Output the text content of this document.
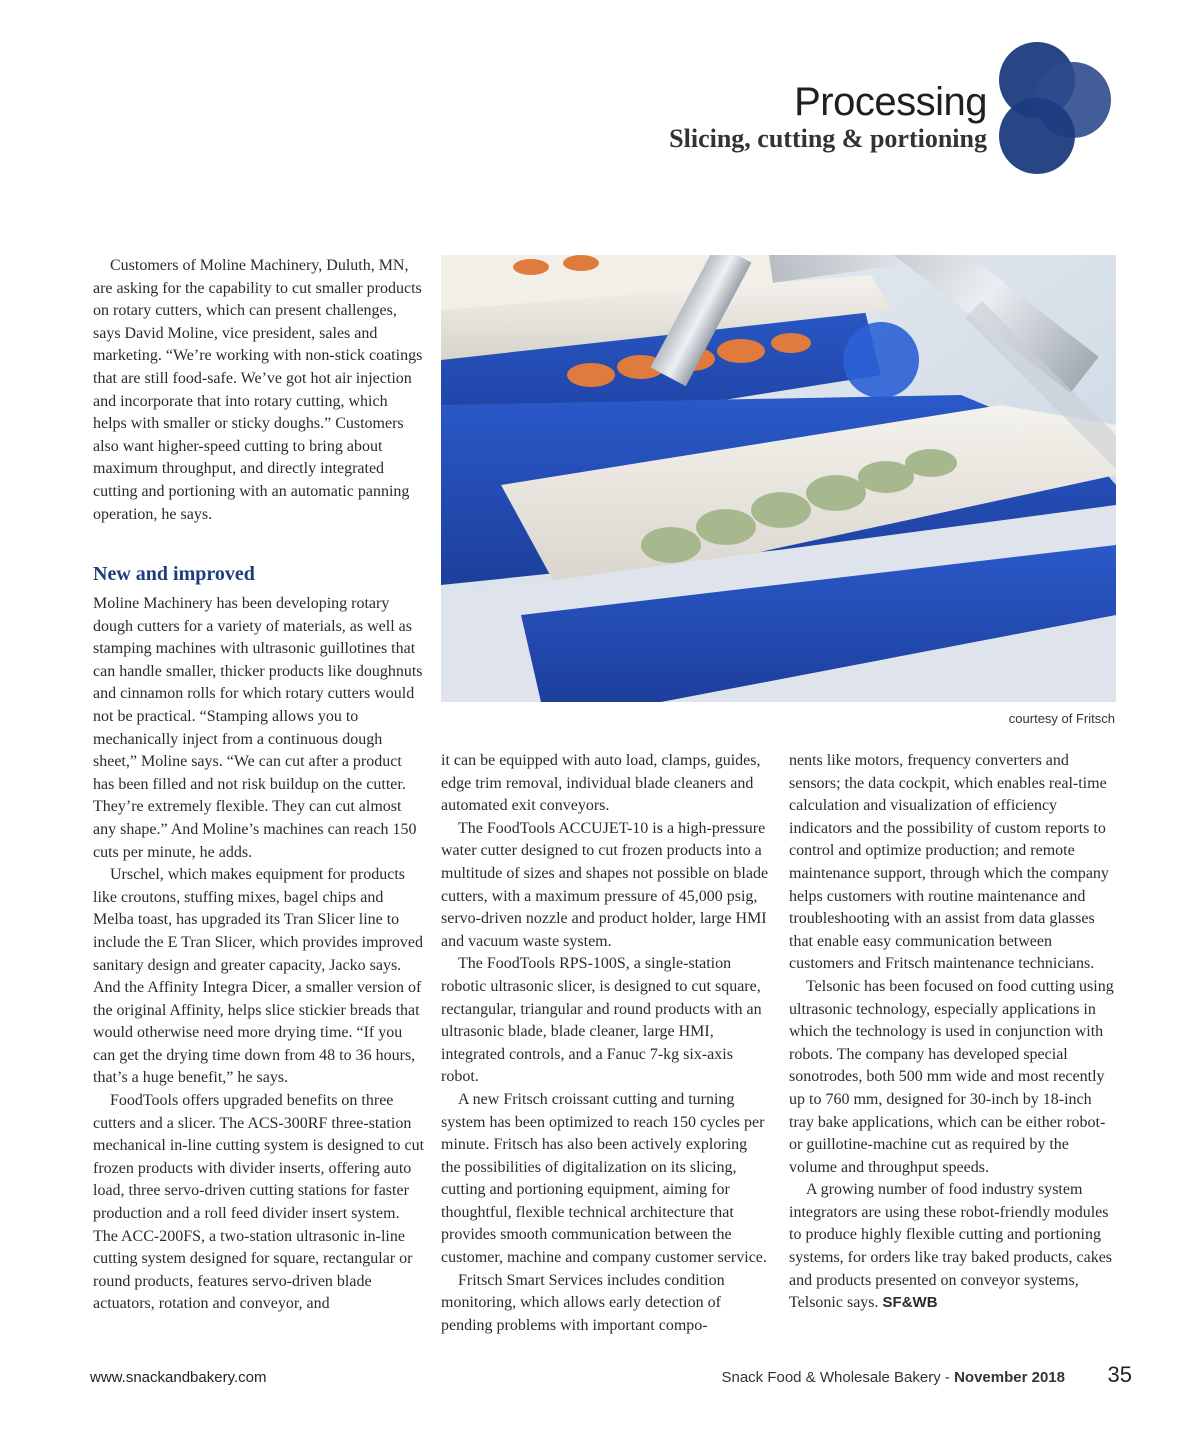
Processing
Slicing, cutting & portioning

Customers of Moline Machinery, Duluth, MN, are asking for the capability to cut smaller products on rotary cutters, which can present challenges, says David Moline, vice president, sales and marketing. “We’re working with non-stick coatings that are still food-safe. We’ve got hot air injection and incorporate that into rotary cutting, which helps with smaller or sticky doughs.” Customers also want higher-speed cutting to bring about maximum throughput, and directly integrated cutting and portioning with an automatic panning operation, he says.

New and improved

Moline Machinery has been developing rotary dough cutters for a variety of materials, as well as stamping machines with ultrasonic guillotines that can handle smaller, thicker products like doughnuts and cinnamon rolls for which rotary cutters would not be practical. “Stamping allows you to mechanically inject from a continuous dough sheet,” Moline says. “We can cut after a product has been filled and not risk buildup on the cutter. They’re extremely flexible. They can cut almost any shape.” And Moline’s machines can reach 150 cuts per minute, he adds.

Urschel, which makes equipment for products like croutons, stuffing mixes, bagel chips and Melba toast, has upgraded its Tran Slicer line to include the E Tran Slicer, which provides improved sanitary design and greater capacity, Jacko says. And the Affinity Integra Dicer, a smaller version of the original Affinity, helps slice stickier breads that would otherwise need more drying time. “If you can get the drying time down from 48 to 36 hours, that’s a huge benefit,” he says.

FoodTools offers upgraded benefits on three cutters and a slicer. The ACS-300RF three-station mechanical in-line cutting system is designed to cut frozen products with divider inserts, offering auto load, three servo-driven cutting stations for faster production and a roll feed divider insert system. The ACC-200FS, a two-station ultrasonic in-line cutting system designed for square, rectangular or round products, features servo-driven blade actuators, rotation and conveyor, and

courtesy of Fritsch

it can be equipped with auto load, clamps, guides, edge trim removal, individual blade cleaners and automated exit conveyors.

The FoodTools ACCUJET-10 is a high-pressure water cutter designed to cut frozen products into a multitude of sizes and shapes not possible on blade cutters, with a maximum pressure of 45,000 psig, servo-driven nozzle and product holder, large HMI and vacuum waste system.

The FoodTools RPS-100S, a single-station robotic ultrasonic slicer, is designed to cut square, rectangular, triangular and round products with an ultrasonic blade, blade cleaner, large HMI, integrated controls, and a Fanuc 7-kg six-axis robot.

A new Fritsch croissant cutting and turning system has been optimized to reach 150 cycles per minute. Fritsch has also been actively exploring the possibilities of digitalization on its slicing, cutting and portioning equipment, aiming for thoughtful, flexible technical architecture that provides smooth communication between the customer, machine and company customer service.

Fritsch Smart Services includes condition monitoring, which allows early detection of pending problems with important compo-

nents like motors, frequency converters and sensors; the data cockpit, which enables real-time calculation and visualization of efficiency indicators and the possibility of custom reports to control and optimize production; and remote maintenance support, through which the company helps customers with routine maintenance and troubleshooting with an assist from data glasses that enable easy communication between customers and Fritsch maintenance technicians.

Telsonic has been focused on food cutting using ultrasonic technology, especially applications in which the technology is used in conjunction with robots. The company has developed special sonotrodes, both 500 mm wide and most recently up to 760 mm, designed for 30-inch by 18-inch tray bake applications, which can be either robot- or guillotine-machine cut as required by the volume and throughput speeds.

A growing number of food industry system integrators are using these robot-friendly modules to produce highly flexible cutting and portioning systems, for orders like tray baked products, cakes and products presented on conveyor systems, Telsonic says. SF&WB

www.snackandbakery.com	Snack Food & Wholesale Bakery - November 2018 35
